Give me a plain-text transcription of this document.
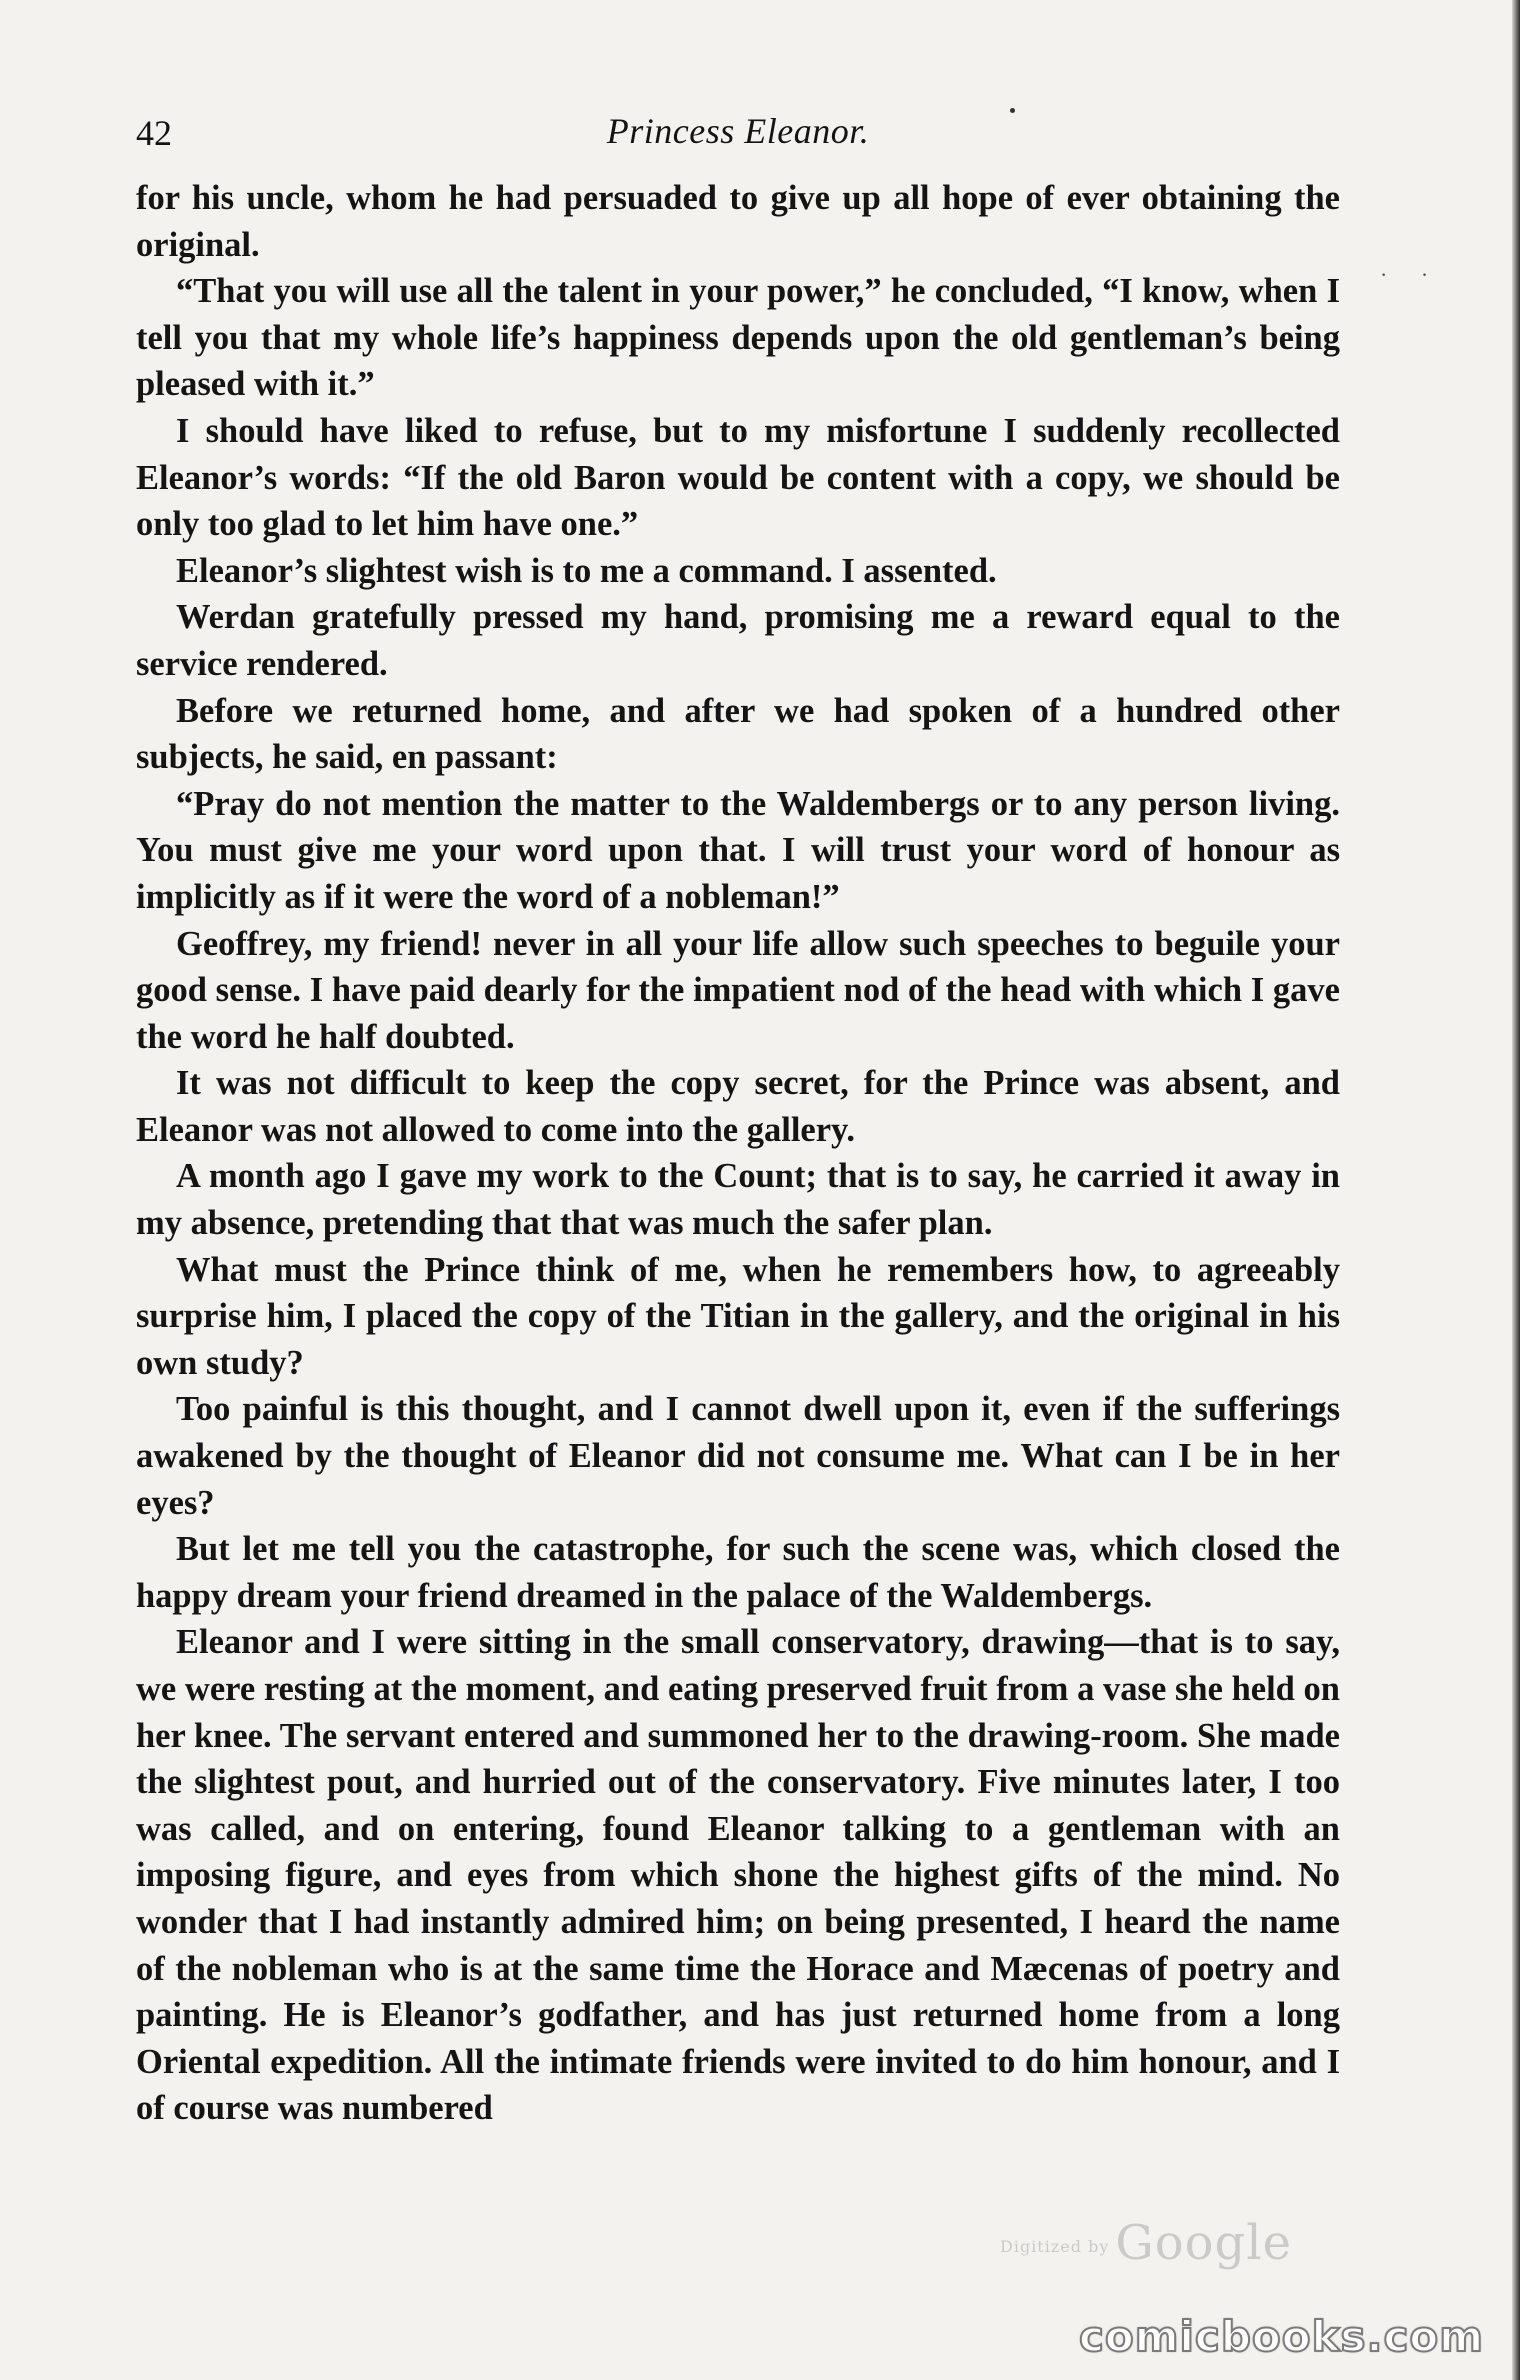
· ·
42	Princess Eleanor.

for his uncle, whom he had persuaded to give up all hope of ever obtaining the original.

“That you will use all the talent in your power,” he concluded, “I know, when I tell you that my whole life’s happiness depends upon the old gentleman’s being pleased with it.”

I should have liked to refuse, but to my misfortune I suddenly recollected Eleanor’s words: “If the old Baron would be content with a copy, we should be only too glad to let him have one.”

Eleanor’s slightest wish is to me a command. I assented.

Werdan gratefully pressed my hand, promising me a reward equal to the service rendered.

Before we returned home, and after we had spoken of a hundred other subjects, he said, en passant:

“Pray do not mention the matter to the Waldembergs or to any person living. You must give me your word upon that. I will trust your word of honour as implicitly as if it were the word of a nobleman!”

Geoffrey, my friend! never in all your life allow such speeches to beguile your good sense. I have paid dearly for the impatient nod of the head with which I gave the word he half doubted.

It was not difficult to keep the copy secret, for the Prince was absent, and Eleanor was not allowed to come into the gallery.

A month ago I gave my work to the Count; that is to say, he carried it away in my absence, pretending that that was much the safer plan.

What must the Prince think of me, when he remembers how, to agreeably surprise him, I placed the copy of the Titian in the gallery, and the original in his own study?

Too painful is this thought, and I cannot dwell upon it, even if the sufferings awakened by the thought of Eleanor did not consume me. What can I be in her eyes?

But let me tell you the catastrophe, for such the scene was, which closed the happy dream your friend dreamed in the palace of the Waldembergs.

Eleanor and I were sitting in the small conservatory, drawing—that is to say, we were resting at the moment, and eating preserved fruit from a vase she held on her knee. The servant entered and summoned her to the drawing-room. She made the slightest pout, and hurried out of the conservatory. Five minutes later, I too was called, and on entering, found Eleanor talking to a gentleman with an imposing figure, and eyes from which shone the highest gifts of the mind. No wonder that I had instantly admired him; on being presented, I heard the name of the nobleman who is at the same time the Horace and Mæcenas of poetry and painting. He is Eleanor’s godfather, and has just returned home from a long Oriental expedition. All the intimate friends were invited to do him honour, and I of course was numbered

Digitized by Google
comicbooks.com
